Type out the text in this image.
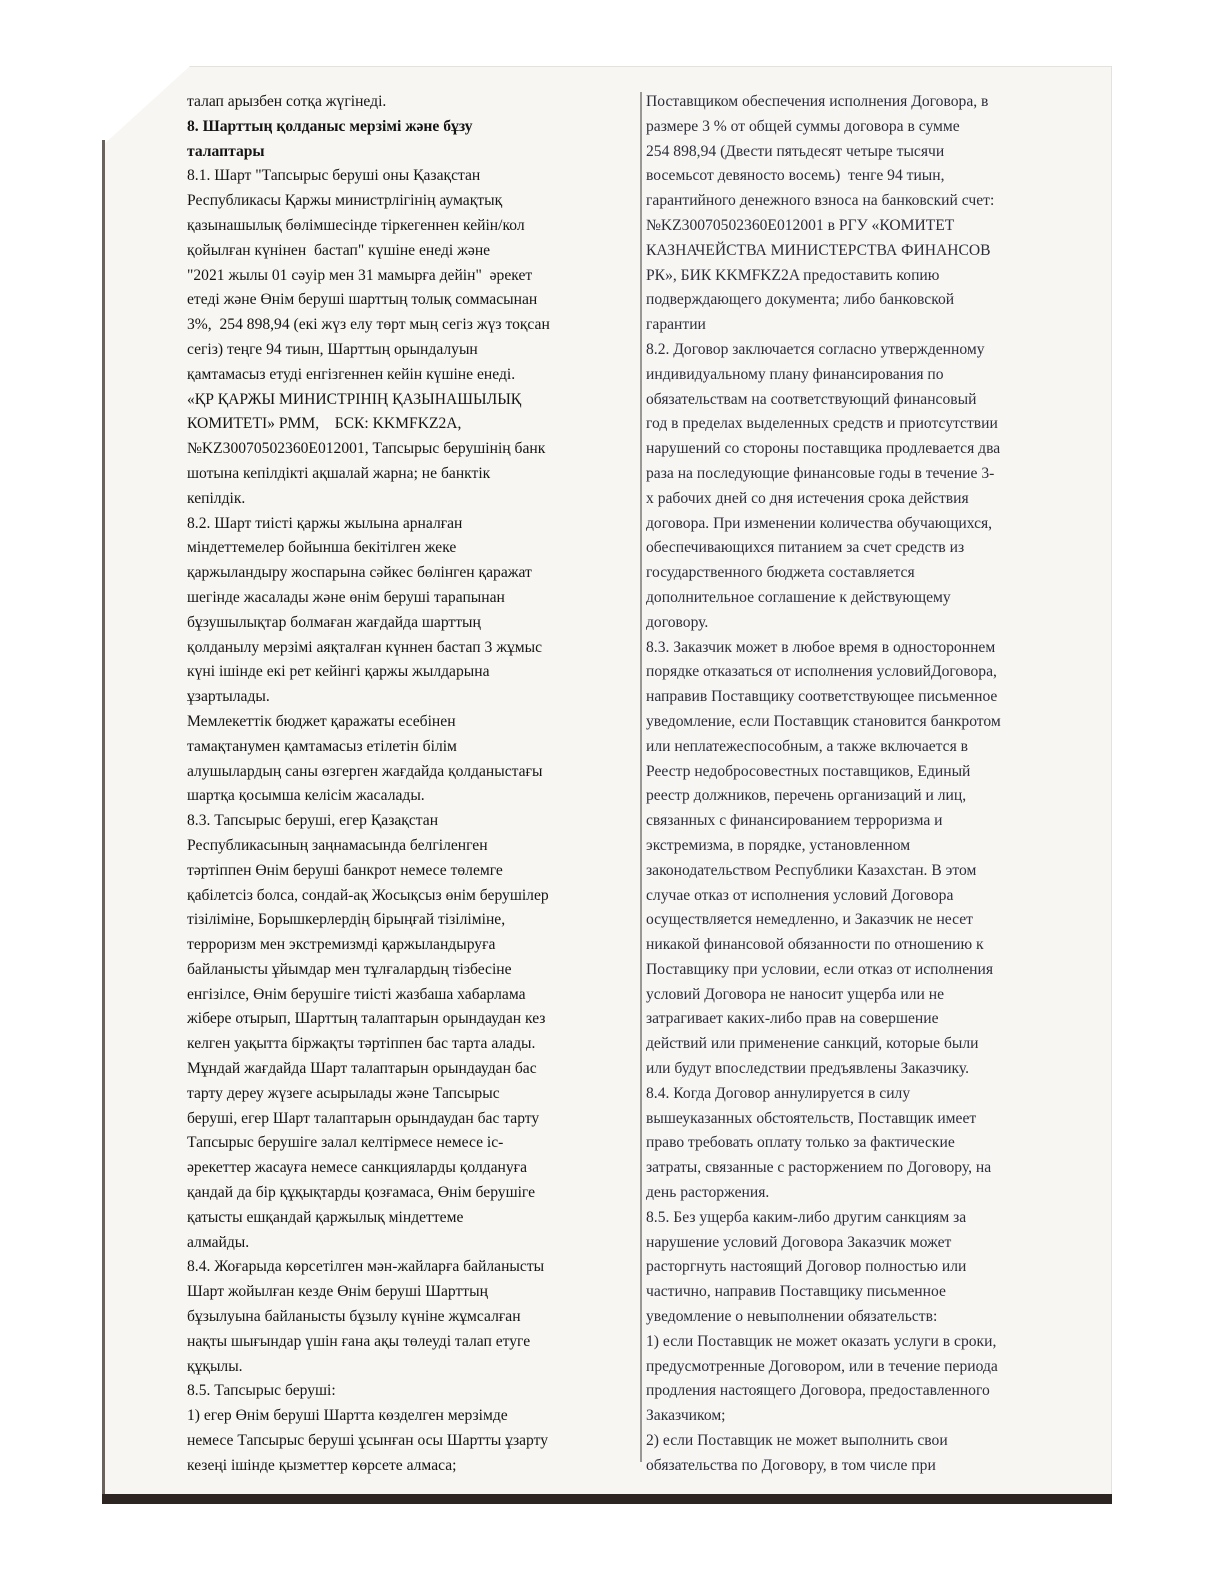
талап арызбен сотқа жүгінеді.
8. Шарттың қолданыс мерзімі және бұзу
талаптары
8.1. Шарт "Тапсырыс беруші оны Қазақстан
Республикасы Қаржы министрлігінің аумақтық
қазынашылық бөлімшесінде тіркегеннен кейін/кол
қойылған күнінен  бастап" күшіне енеді және
"2021 жылы 01 сәуір мен 31 мамырға дейін"  әрекет
етеді және Өнім беруші шарттың толық соммасынан
3%,  254 898,94 (екі жүз елу төрт мың сегіз жүз тоқсан
сегіз) теңге 94 тиын, Шарттың орындалуын
қамтамасыз етуді енгізгеннен кейін күшіне енеді.
«ҚР ҚАРЖЫ МИНИСТРІНІҢ ҚАЗЫНАШЫЛЫҚ
КОМИТЕТІ» РММ,    БСК: KKMFKZ2A,
№KZ30070502360E012001, Тапсырыс берушінің банк
шотына кепілдікті ақшалай жарна; не банктік
кепілдік.
8.2. Шарт тиісті қаржы жылына арналған
міндеттемелер бойынша бекітілген жеке
қаржыландыру жоспарына сәйкес бөлінген қаражат
шегінде жасалады және өнім беруші тарапынан
бұзушылықтар болмаған жағдайда шарттың
қолданылу мерзімі аяқталған күннен бастап 3 жұмыс
күні ішінде екі рет кейінгі қаржы жылдарына
ұзартылады.
Мемлекеттік бюджет қаражаты есебінен
тамақтанумен қамтамасыз етілетін білім
алушылардың саны өзгерген жағдайда қолданыстағы
шартқа қосымша келісім жасалады.
8.3. Тапсырыс беруші, егер Қазақстан
Республикасының заңнамасында белгіленген
тәртіппен Өнім беруші банкрот немесе төлемге
қабілетсіз болса, сондай-ақ Жосықсыз өнім берушілер
тізіліміне, Борышкерлердің бірыңғай тізіліміне,
терроризм мен экстремизмді қаржыландыруға
байланысты ұйымдар мен тұлғалардың тізбесіне
енгізілсе, Өнім берушіге тиісті жазбаша хабарлама
жібере отырып, Шарттың талаптарын орындаудан кез
келген уақытта біржақты тәртіппен бас тарта алады.
Мұндай жағдайда Шарт талаптарын орындаудан бас
тарту дереу жүзеге асырылады және Тапсырыс
беруші, егер Шарт талаптарын орындаудан бас тарту
Тапсырыс берушіге залал келтірмесе немесе іс-
әрекеттер жасауға немесе санкцияларды қолдануға
қандай да бір құқықтарды қозғамаса, Өнім берушіге
қатысты ешқандай қаржылық міндеттеме
алмайды.
8.4. Жоғарыда көрсетілген мән-жайларға байланысты
Шарт жойылған кезде Өнім беруші Шарттың
бұзылуына байланысты бұзылу күніне жұмсалған
нақты шығындар үшін ғана ақы төлеуді талап етуге
құқылы.
8.5. Тапсырыс беруші:
1) егер Өнім беруші Шартта көзделген мерзімде
немесе Тапсырыс беруші ұсынған осы Шартты ұзарту
кезеңі ішінде қызметтер көрсете алмаса;
Поставщиком обеспечения исполнения Договора, в
размере 3 % от общей суммы договора в сумме
254 898,94 (Двести пятьдесят четыре тысячи
восемьсот девяносто восемь)  тенге 94 тиын,
гарантийного денежного взноса на банковский счет:
№KZ30070502360E012001 в РГУ «КОМИТЕТ
КАЗНАЧЕЙСТВА МИНИСТЕРСТВА ФИНАНСОВ
РК», БИК KKMFKZ2A предоставить копию
подверждающего документа; либо банковской
гарантии
8.2. Договор заключается согласно утвержденному
индивидуальному плану финансирования по
обязательствам на соответствующий финансовый
год в пределах выделенных средств и приотсутствии
нарушений со стороны поставщика продлевается два
раза на последующие финансовые годы в течение 3-
х рабочих дней со дня истечения срока действия
договора. При изменении количества обучающихся,
обеспечивающихся питанием за счет средств из
государственного бюджета составляется
дополнительное соглашение к действующему
договору.
8.3. Заказчик может в любое время в одностороннем
порядке отказаться от исполнения условийДоговора,
направив Поставщику соответствующее письменное
уведомление, если Поставщик становится банкротом
или неплатежеспособным, а также включается в
Реестр недобросовестных поставщиков, Единый
реестр должников, перечень организаций и лиц,
связанных с финансированием терроризма и
экстремизма, в порядке, установленном
законодательством Республики Казахстан. В этом
случае отказ от исполнения условий Договора
осуществляется немедленно, и Заказчик не несет
никакой финансовой обязанности по отношению к
Поставщику при условии, если отказ от исполнения
условий Договора не наносит ущерба или не
затрагивает каких-либо прав на совершение
действий или применение санкций, которые были
или будут впоследствии предъявлены Заказчику.
8.4. Когда Договор аннулируется в силу
вышеуказанных обстоятельств, Поставщик имеет
право требовать оплату только за фактические
затраты, связанные с расторжением по Договору, на
день расторжения.
8.5. Без ущерба каким-либо другим санкциям за
нарушение условий Договора Заказчик может
расторгнуть настоящий Договор полностью или
частично, направив Поставщику письменное
уведомление о невыполнении обязательств:
1) если Поставщик не может оказать услуги в сроки,
предусмотренные Договором, или в течение периода
продления настоящего Договора, предоставленного
Заказчиком;
2) если Поставщик не может выполнить свои
обязательства по Договору, в том числе при
